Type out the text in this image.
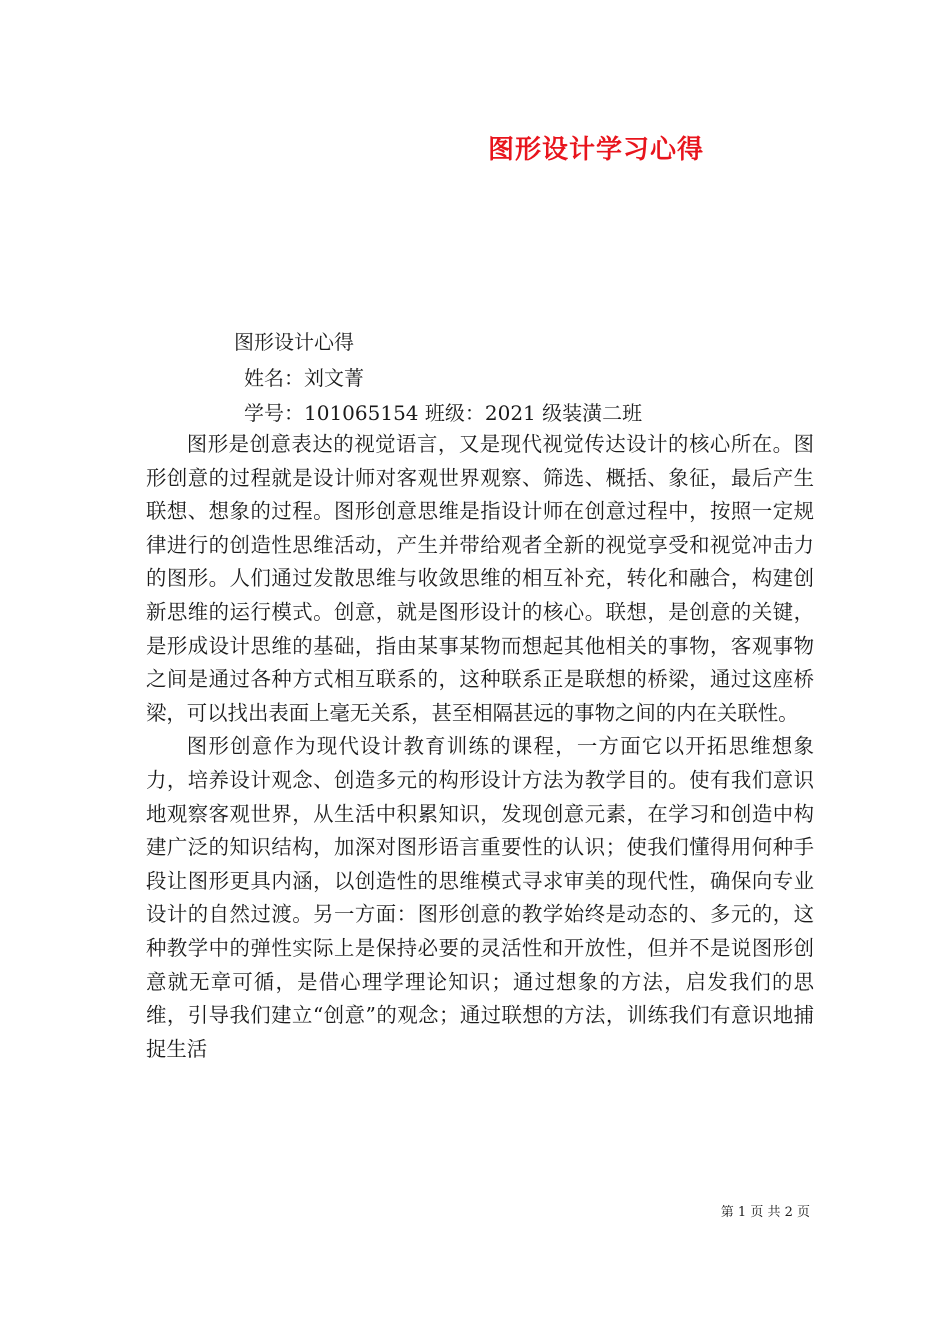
图形设计学习心得
图形设计心得
姓名：刘文菁
学号：101065154 班级：2021 级装潢二班

图形是创意表达的视觉语言，又是现代视觉传达设计的核心所在。图形创意的过程就是设计师对客观世界观察、筛选、概括、象征，最后产生联想、想象的过程。图形创意思维是指设计师在创意过程中，按照一定规律进行的创造性思维活动，产生并带给观者全新的视觉享受和视觉冲击力的图形。人们通过发散思维与收敛思维的相互补充，转化和融合，构建创新思维的运行模式。创意，就是图形设计的核心。联想，是创意的关键，是形成设计思维的基础，指由某事某物而想起其他相关的事物，客观事物之间是通过各种方式相互联系的，这种联系正是联想的桥梁，通过这座桥梁，可以找出表面上毫无关系，甚至相隔甚远的事物之间的内在关联性。

图形创意作为现代设计教育训练的课程，一方面它以开拓思维想象力，培养设计观念、创造多元的构形设计方法为教学目的。使有我们意识地观察客观世界，从生活中积累知识，发现创意元素，在学习和创造中构建广泛的知识结构，加深对图形语言重要性的认识；使我们懂得用何种手段让图形更具内涵，以创造性的思维模式寻求审美的现代性，确保向专业设计的自然过渡。另一方面：图形创意的教学始终是动态的、多元的，这种教学中的弹性实际上是保持必要的灵活性和开放性，但并不是说图形创意就无章可循，是借心理学理论知识；通过想象的方法，启发我们的思维，引导我们建立“创意”的观念；通过联想的方法，训练我们有意识地捕捉生活

第 1 页 共 2 页
